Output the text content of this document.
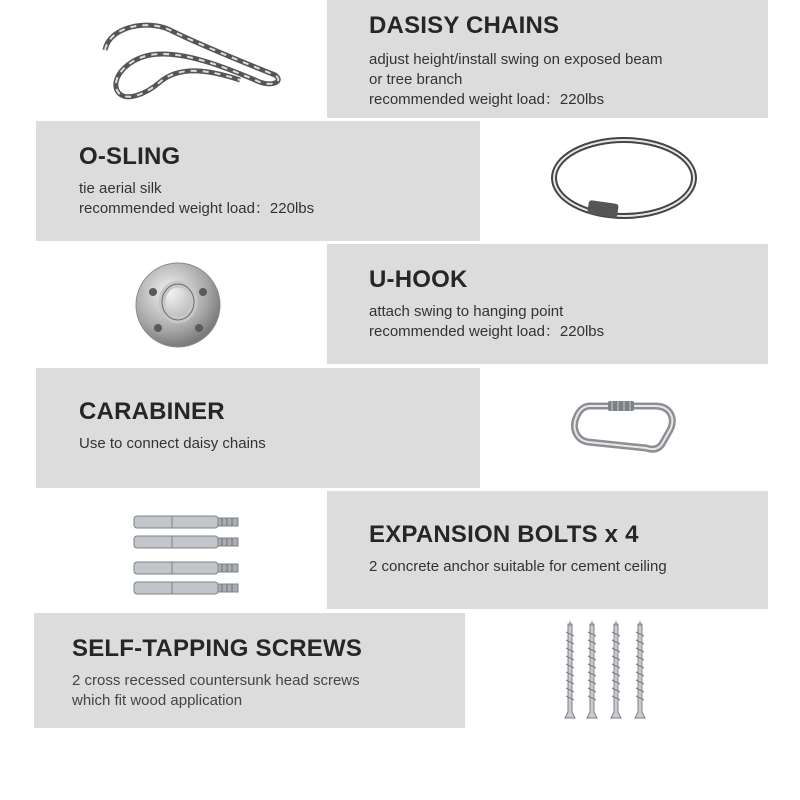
DASISY CHAINS

adjust height/install swing on exposed beam

or tree branch

recommended weight load：220lbs

O-SLING

tie aerial silk

recommended weight load：220lbs

U-HOOK

attach swing to hanging point

recommended weight load：220lbs

CARABINER

Use to connect daisy chains

EXPANSION BOLTS x 4

2 concrete anchor suitable for cement ceiling

SELF-TAPPING SCREWS

2 cross recessed countersunk head screws

which fit wood application
